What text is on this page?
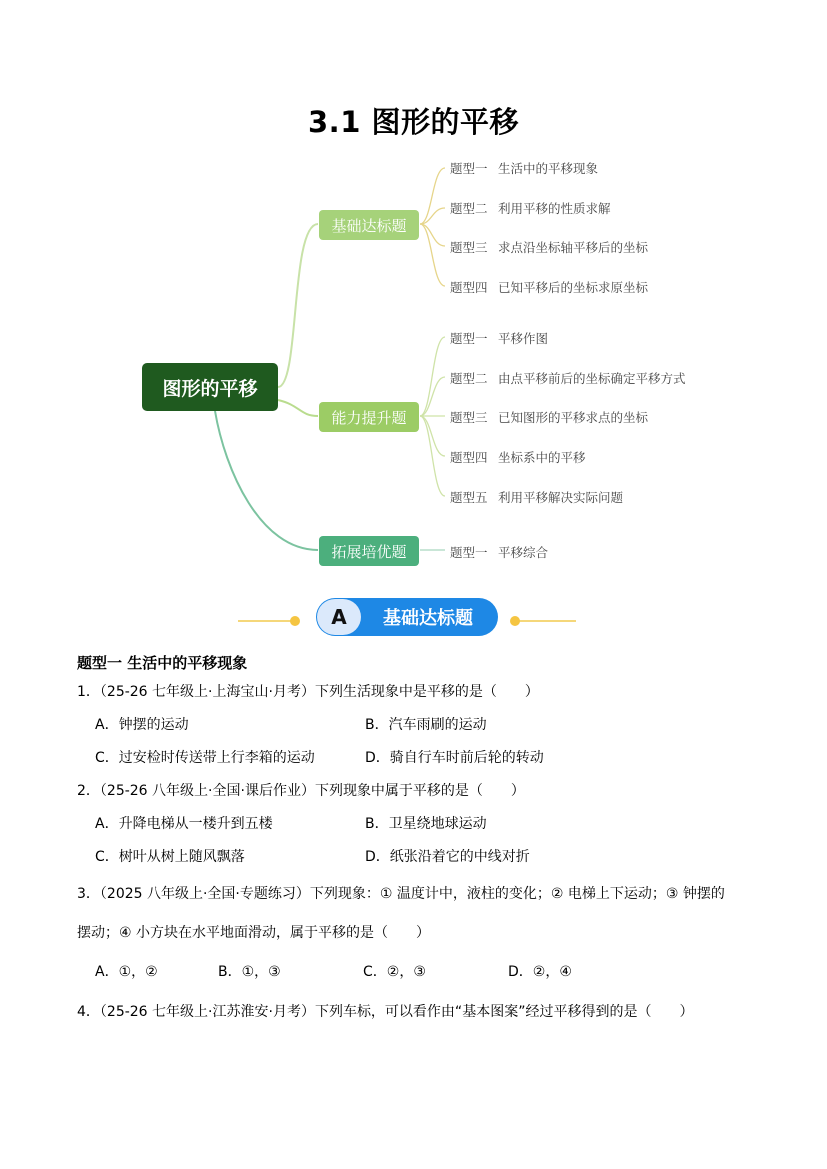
3.1 图形的平移
图形的平移
基础达标题
能力提升题
拓展培优题
题型一 生活中的平移现象
题型二 利用平移的性质求解
题型三 求点沿坐标轴平移后的坐标
题型四 已知平移后的坐标求原坐标
题型一 平移作图
题型二 由点平移前后的坐标确定平移方式
题型三 已知图形的平移求点的坐标
题型四 坐标系中的平移
题型五 利用平移解决实际问题
题型一 平移综合
A	基础达标题
题型一 生活中的平移现象
1．（25-26 七年级上·上海宝山·月考）下列生活现象中是平移的是（　　）
A．钟摆的运动	B．汽车雨刷的运动
C．过安检时传送带上行李箱的运动	D．骑自行车时前后轮的转动
2．（25-26 八年级上·全国·课后作业）下列现象中属于平移的是（　　）
A．升降电梯从一楼升到五楼	B．卫星绕地球运动
C．树叶从树上随风飘落	D．纸张沿着它的中线对折
3．（2025 八年级上·全国·专题练习）下列现象：① 温度计中，液柱的变化；② 电梯上下运动；③ 钟摆的
摆动；④ 小方块在水平地面滑动，属于平移的是（　　）
A．①，②	B．①，③	C．②，③	D．②，④
4．（25-26 七年级上·江苏淮安·月考）下列车标，可以看作由“基本图案”经过平移得到的是（　　）
